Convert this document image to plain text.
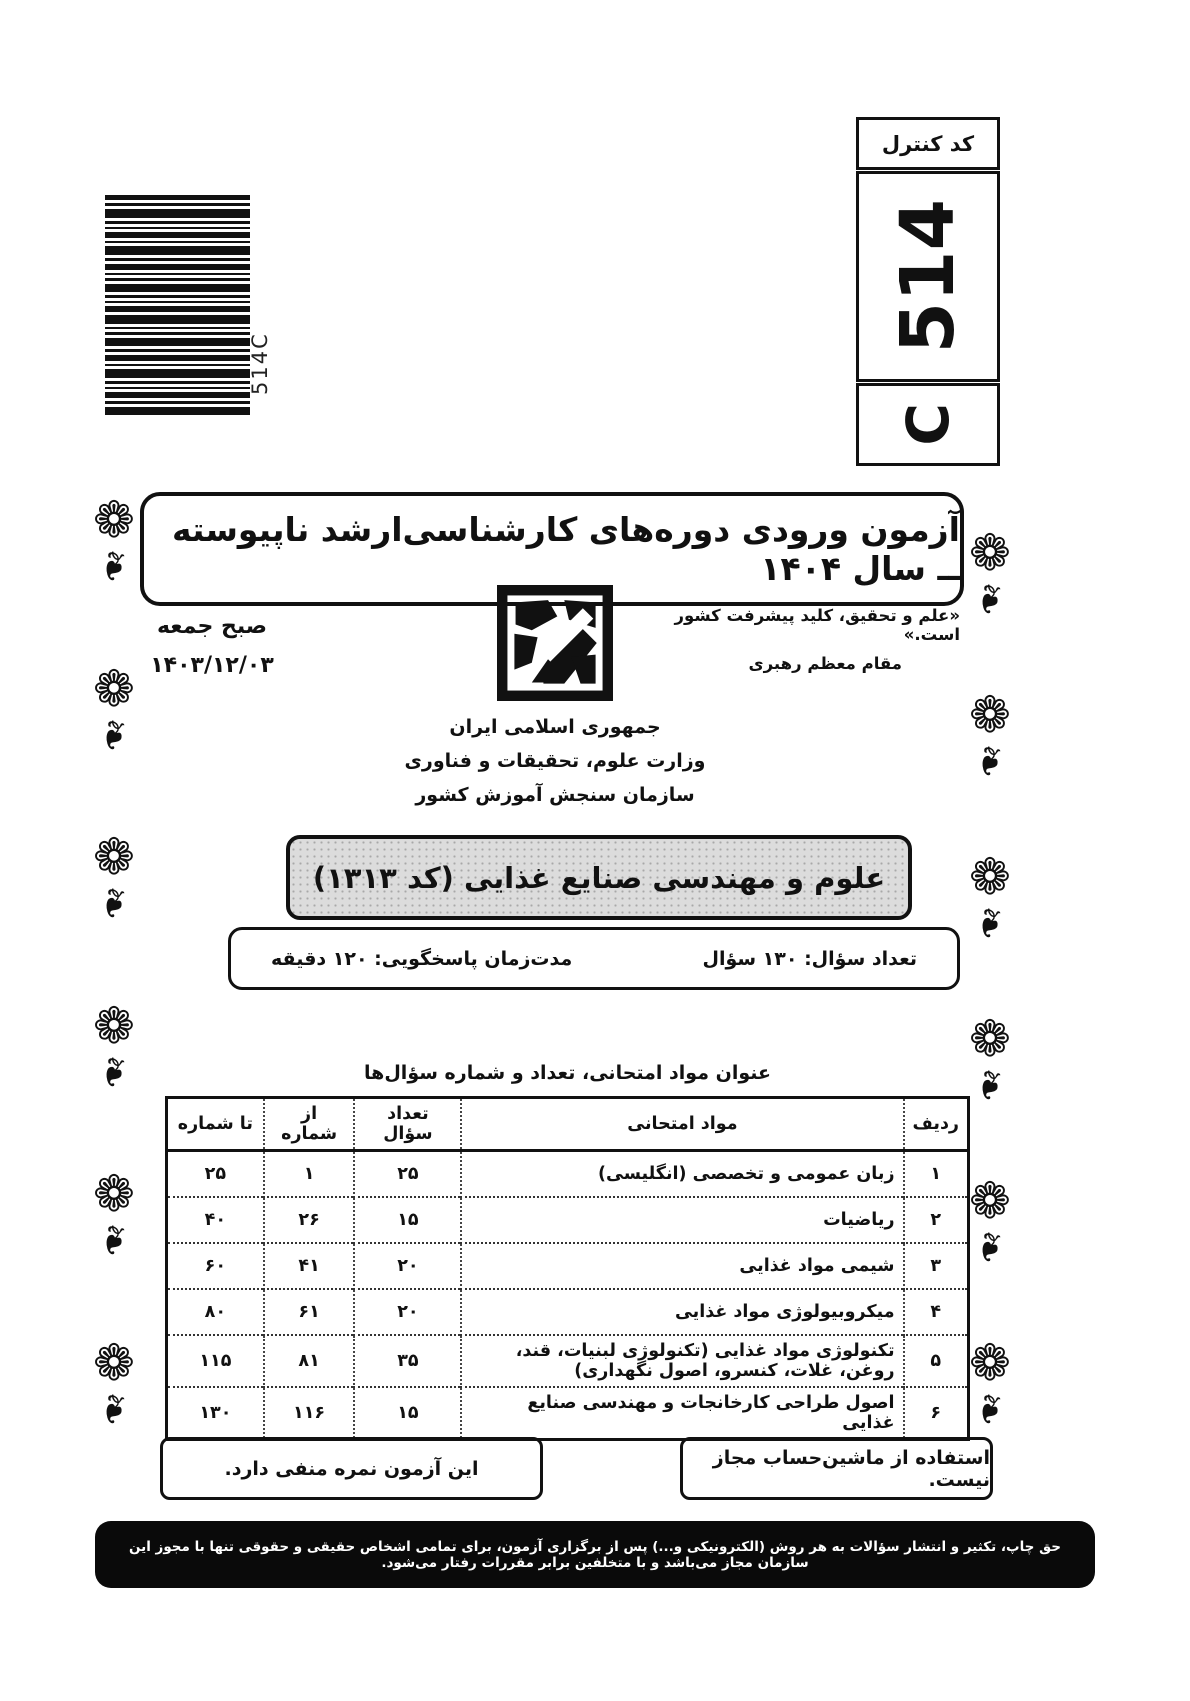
514C
کد کنترل
514
C
❁
❧
❁
❧
❁
❧
❁
❧
❁
❧
❁
❧
❁
❧
❁
❧
❁
❧
❁
❧
❁
❧
❁
❧
آزمون ورودی دوره‌های کارشناسی‌ارشد ناپیوسته ــ سال ۱۴۰۴
صبح جمعه
۱۴۰۳/۱۲/۰۳
«علم و تحقیق، کلید پیشرفت کشور است.»
مقام معظم رهبری
جمهوری اسلامی ایران
وزارت علوم، تحقیقات و فناوری
سازمان سنجش آموزش کشور
علوم و مهندسی صنایع غذایی (کد ۱۳۱۳)
تعداد سؤال: ۱۳۰ سؤال
مدت‌زمان پاسخگویی: ۱۲۰ دقیقه
عنوان مواد امتحانی، تعداد و شماره سؤال‌ها
ردیف	مواد امتحانی	تعداد سؤال	از شماره	تا شماره
۱	زبان عمومی و تخصصی (انگلیسی)	۲۵	۱	۲۵
۲	ریاضیات	۱۵	۲۶	۴۰
۳	شیمی مواد غذایی	۲۰	۴۱	۶۰
۴	میکروبیولوژی مواد غذایی	۲۰	۶۱	۸۰
۵	تکنولوژی مواد غذایی (تکنولوژی لبنیات، قند، روغن، غلات، کنسرو، اصول نگهداری)	۳۵	۸۱	۱۱۵
۶	اصول طراحی کارخانجات و مهندسی صنایع غذایی	۱۵	۱۱۶	۱۳۰
این آزمون نمره منفی دارد.	استفاده از ماشین‌حساب مجاز نیست.
حق چاپ، تکثیر و انتشار سؤالات به هر روش (الکترونیکی و...) پس از برگزاری آزمون، برای تمامی اشخاص حقیقی و حقوقی تنها با مجوز این سازمان مجاز می‌باشد و با متخلفین برابر مقررات رفتار می‌شود.
